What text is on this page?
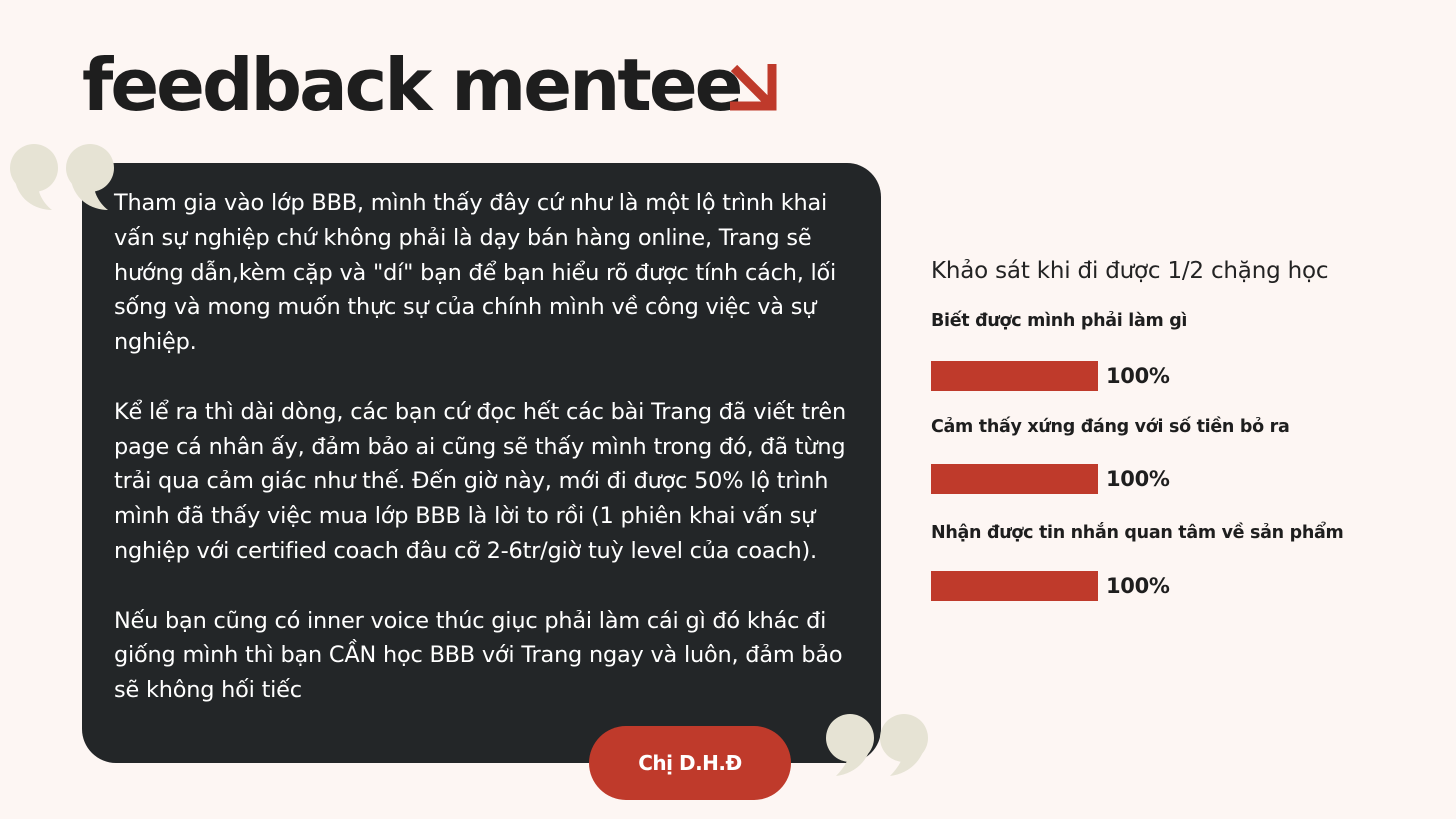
feedback mentee

Tham gia vào lớp BBB, mình thấy đây cứ như là một lộ trình khai vấn sự nghiệp chứ không phải là dạy bán hàng online, Trang sẽ hướng dẫn,kèm cặp và "dí" bạn để bạn hiểu rõ được tính cách, lối sống và mong muốn thực sự của chính mình về công việc và sự nghiệp.

Kể lể ra thì dài dòng, các bạn cứ đọc hết các bài Trang đã viết trên page cá nhân ấy, đảm bảo ai cũng sẽ thấy mình trong đó, đã từng trải qua cảm giác như thế. Đến giờ này, mới đi được 50% lộ trình mình đã thấy việc mua lớp BBB là lời to rồi (1 phiên khai vấn sự nghiệp với certified coach đâu cỡ 2-6tr/giờ tuỳ level của coach).

Nếu bạn cũng có inner voice thúc giục phải làm cái gì đó khác đi giống mình thì bạn CẦN học BBB với Trang ngay và luôn, đảm bảo sẽ không hối tiếc

Chị D.H.Đ
Khảo sát khi đi được 1/2 chặng học
Biết được mình phải làm gì
100%
Cảm thấy xứng đáng với số tiền bỏ ra
100%
Nhận được tin nhắn quan tâm về sản phẩm
100%
